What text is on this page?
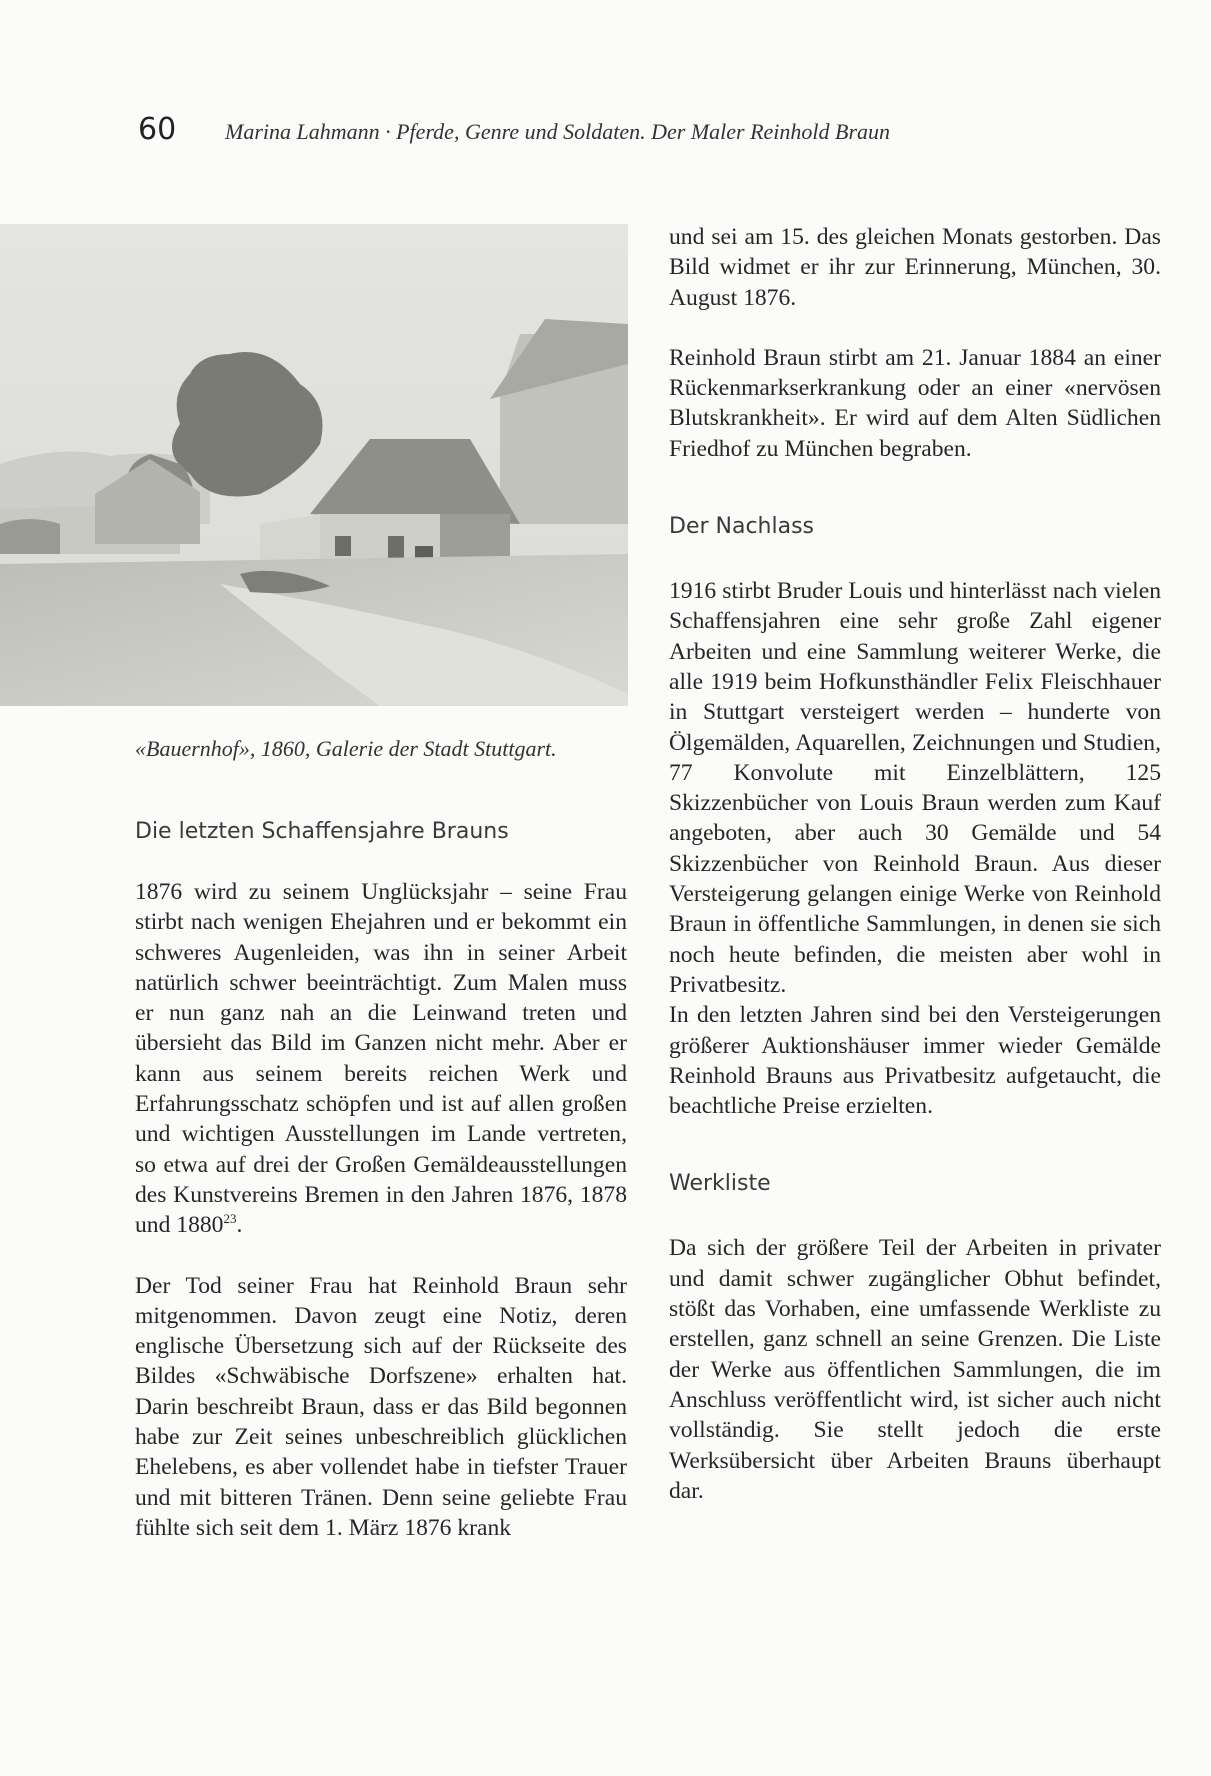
60 Marina Lahmann · Pferde, Genre und Soldaten. Der Maler Reinhold Braun
«Bauernhof», 1860, Galerie der Stadt Stuttgart.

Die letzten Schaffensjahre Brauns

1876 wird zu seinem Unglücksjahr – seine Frau stirbt nach wenigen Ehejahren und er bekommt ein schweres Augenleiden, was ihn in seiner Arbeit natürlich schwer beeinträchtigt. Zum Malen muss er nun ganz nah an die Leinwand treten und übersieht das Bild im Ganzen nicht mehr. Aber er kann aus seinem bereits reichen Werk und Erfahrungsschatz schöpfen und ist auf allen großen und wichtigen Ausstellungen im Lande vertreten, so etwa auf drei der Großen Gemäldeausstellungen des Kunstvereins Bremen in den Jahren 1876, 1878 und 1880$^{23}$.

Der Tod seiner Frau hat Reinhold Braun sehr mitgenommen. Davon zeugt eine Notiz, deren englische Übersetzung sich auf der Rückseite des Bildes «Schwäbische Dorfszene» erhalten hat. Darin beschreibt Braun, dass er das Bild begonnen habe zur Zeit seines unbeschreiblich glücklichen Ehelebens, es aber vollendet habe in tiefster Trauer und mit bitteren Tränen. Denn seine geliebte Frau fühlte sich seit dem 1. März 1876 krank

und sei am 15. des gleichen Monats gestorben. Das Bild widmet er ihr zur Erinnerung, München, 30. August 1876.

Reinhold Braun stirbt am 21. Januar 1884 an einer Rückenmarkserkrankung oder an einer «nervösen Blutskrankheit». Er wird auf dem Alten Südlichen Friedhof zu München begraben.

Der Nachlass

1916 stirbt Bruder Louis und hinterlässt nach vielen Schaffensjahren eine sehr große Zahl eigener Arbeiten und eine Sammlung weiterer Werke, die alle 1919 beim Hofkunsthändler Felix Fleischhauer in Stuttgart versteigert werden – hunderte von Ölgemälden, Aquarellen, Zeichnungen und Studien, 77 Konvolute mit Einzelblättern, 125 Skizzenbücher von Louis Braun werden zum Kauf angeboten, aber auch 30 Gemälde und 54 Skizzenbücher von Reinhold Braun. Aus dieser Versteigerung gelangen einige Werke von Reinhold Braun in öffentliche Sammlungen, in denen sie sich noch heute befinden, die meisten aber wohl in Privatbesitz.

In den letzten Jahren sind bei den Versteigerungen größerer Auktionshäuser immer wieder Gemälde Reinhold Brauns aus Privatbesitz aufgetaucht, die beachtliche Preise erzielten.

Werkliste

Da sich der größere Teil der Arbeiten in privater und damit schwer zugänglicher Obhut befindet, stößt das Vorhaben, eine umfassende Werkliste zu erstellen, ganz schnell an seine Grenzen. Die Liste der Werke aus öffentlichen Sammlungen, die im Anschluss veröffentlicht wird, ist sicher auch nicht vollständig. Sie stellt jedoch die erste Werksübersicht über Arbeiten Brauns überhaupt dar.
